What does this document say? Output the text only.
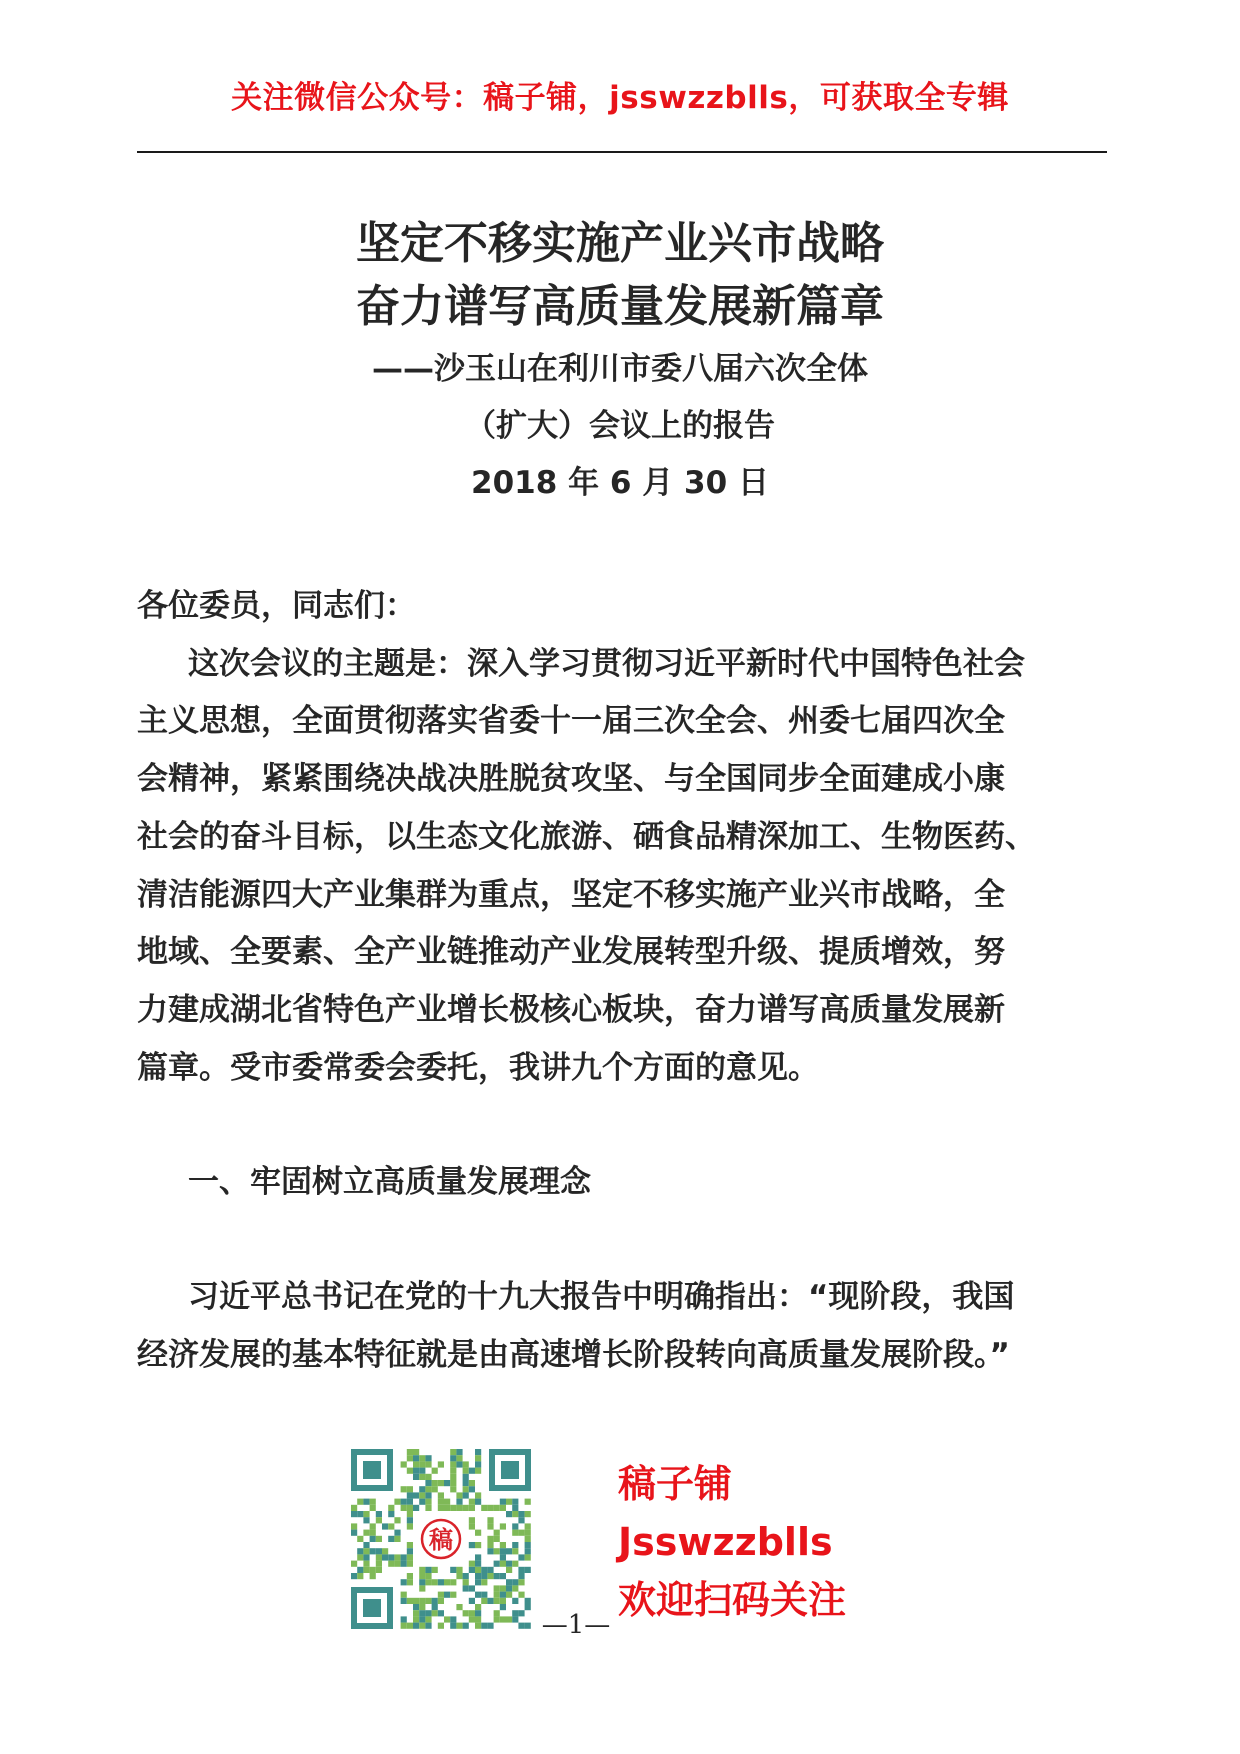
关注微信公众号：稿子铺，jsswzzblls，可获取全专辑
坚定不移实施产业兴市战略
奋力谱写高质量发展新篇章
——沙玉山在利川市委八届六次全体
（扩大）会议上的报告
2018 年 6 月 30 日

各位委员，同志们：

这次会议的主题是：深入学习贯彻习近平新时代中国特色社会

主义思想，全面贯彻落实省委十一届三次全会、州委七届四次全

会精神，紧紧围绕决战决胜脱贫攻坚、与全国同步全面建成小康

社会的奋斗目标，以生态文化旅游、硒食品精深加工、生物医药、

清洁能源四大产业集群为重点，坚定不移实施产业兴市战略，全

地域、全要素、全产业链推动产业发展转型升级、提质增效，努

力建成湖北省特色产业增长极核心板块，奋力谱写高质量发展新

篇章。受市委常委会委托，我讲九个方面的意见。

一、牢固树立高质量发展理念

习近平总书记在党的十九大报告中明确指出：“现阶段，我国

经济发展的基本特征就是由高速增长阶段转向高质量发展阶段。”

稿
稿子铺
Jsswzzblls
欢迎扫码关注
—1—
